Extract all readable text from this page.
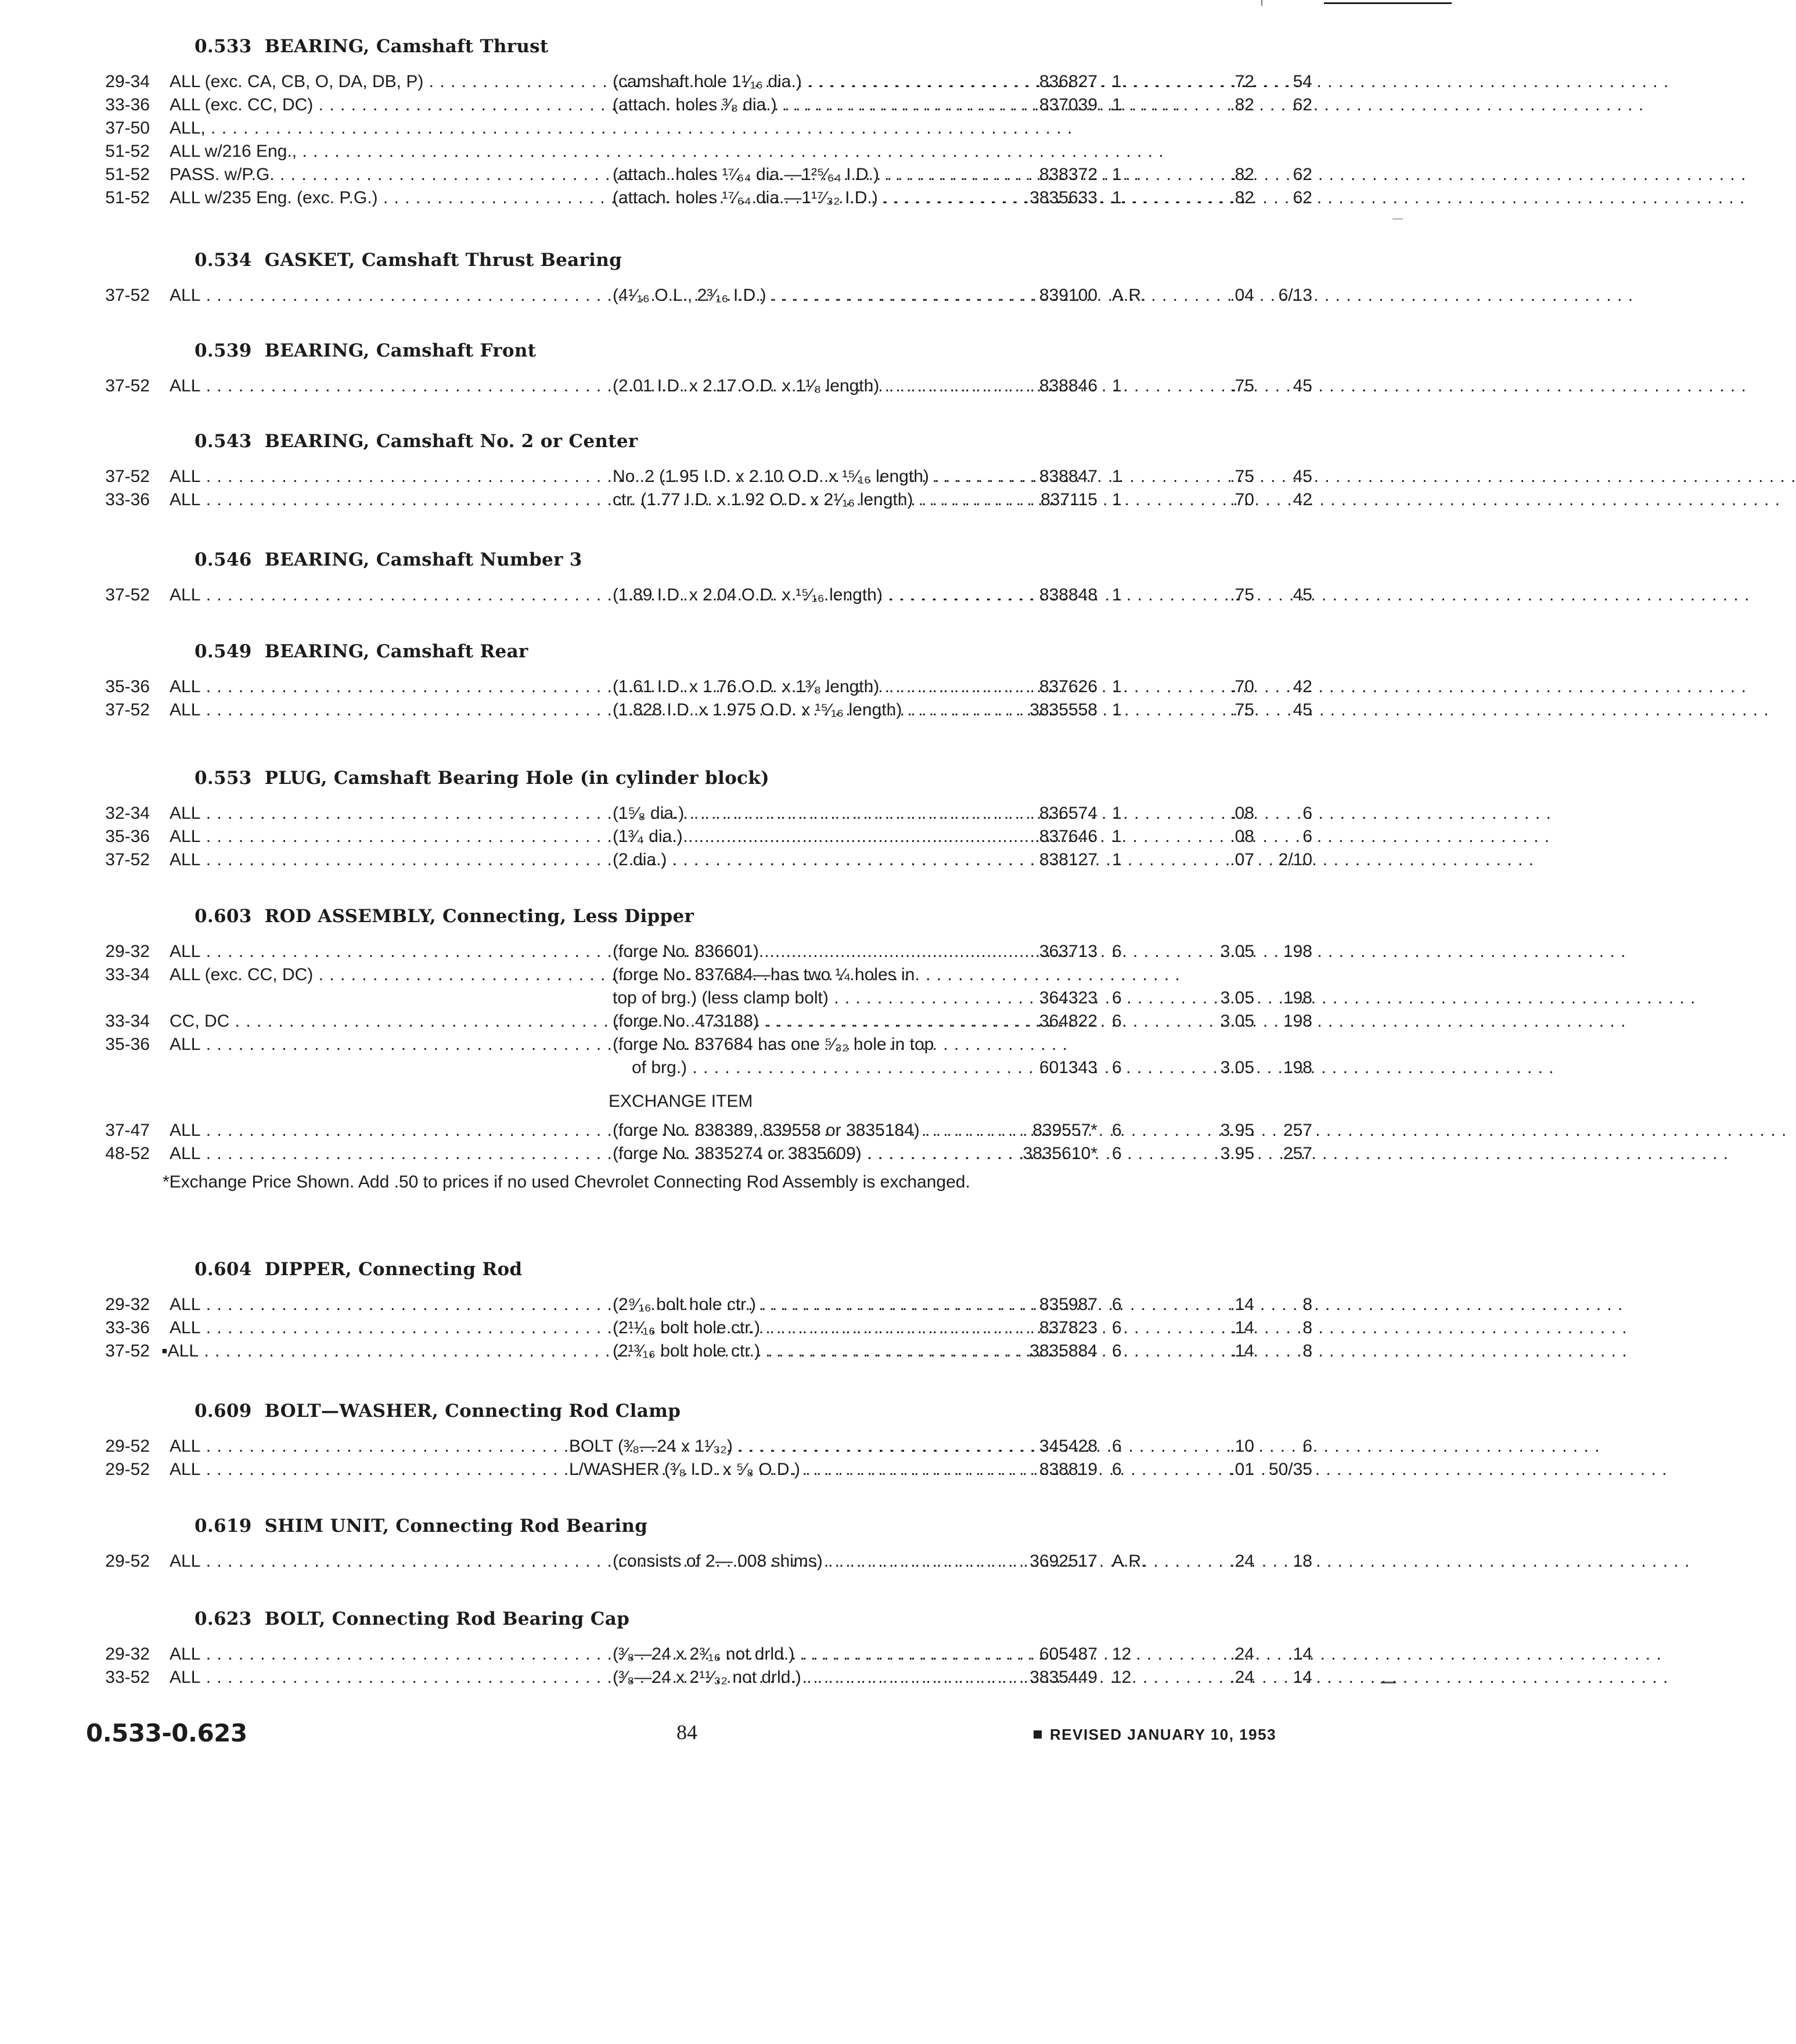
0.533 BEARING, Camshaft Thrust
29-34 ALL (exc. CA, CB, O, DA, DB, P) . . .	(camshaft hole 1¹⁄₁₆ dia.) . . .	836827 1	.72	54
33-36 ALL (exc. CC, DC) . . .	(attach. holes ³⁄₈ dia.) . . .	837039 1	.82	62
37-50 ALL, . . .
51-52 ALL w/216 Eng., . . .
51-52 PASS. w/P.G. . . .	(attach. holes ¹⁷⁄₆₄ dia.—1²⁵⁄₆₄ I.D.) . . .	838372 1	.82	62
51-52 ALL w/235 Eng. (exc. P.G.) . . .	(attach. holes ¹⁷⁄₆₄ dia.—1¹⁷⁄₃₂ I.D.) . . .	3835633 1	.82	62
0.534 GASKET, Camshaft Thrust Bearing
37-52 ALL . . .	(4¹⁄₁₆ O.L., 2³⁄₁₆ I.D.) . . .	839100 A.R.	.04	6/13
0.539 BEARING, Camshaft Front
37-52 ALL . . .	(2.01 I.D. x 2.17 O.D. x 1¹⁄₈ length) . . .	838846 1	.75	45
0.543 BEARING, Camshaft No. 2 or Center
37-52 ALL . . .	No. 2 (1.95 I.D. x 2.10 O.D. x ¹⁵⁄₁₆ length) . . .	838847 1	.75	45
33-36 ALL . . .	ctr. (1.77 I.D. x 1.92 O.D. x 2¹⁄₁₆ length) . . .	837115 1	.70	42
0.546 BEARING, Camshaft Number 3
37-52 ALL . . .	(1.89 I.D. x 2.04 O.D. x ¹⁵⁄₁₆ length) . . .	838848 1	.75	45
0.549 BEARING, Camshaft Rear
35-36 ALL . . .	(1.61 I.D. x 1.76 O.D. x 1³⁄₈ length) . . .	837626 1	.70	42
37-52 ALL . . .	(1.828 I.D. x 1.975 O.D. x ¹⁵⁄₁₆ length) . . .	3835558 1	.75	45
0.553 PLUG, Camshaft Bearing Hole (in cylinder block)
32-34 ALL . . .	(1⁵⁄₈ dia.) . . .	836574 1	.08	6
35-36 ALL . . .	(1³⁄₄ dia.) . . .	837646 1	.08	6
37-52 ALL . . .	(2 dia.) . . .	838127 1	.07	2/10
0.603 ROD ASSEMBLY, Connecting, Less Dipper
29-32 ALL . . .	(forge No. 836601) . . .	363713 6	3.05	198
33-34 ALL (exc. CC, DC) . . .	(forge No. 837684—has two ¼ holes in
top of brg.) (less clamp bolt) . . .	364323 6	3.05	198
33-34 CC, DC . . .	(forge No. 473188) . . .	364822 6	3.05	198
35-36 ALL . . .	(forge No. 837684 has one ⁵⁄₃₂ hole in top
of brg.) . . .	601343 6	3.05	198
EXCHANGE ITEM
37-47 ALL . . .	(forge No. 838389, 839558 or 3835184) . . .	839557* 6	3.95	257
48-52 ALL . . .	(forge No. 3835274 or 3835609) . . .	3835610* 6	3.95	257
*Exchange Price Shown. Add .50 to prices if no used Chevrolet Connecting Rod Assembly is exchanged.
0.604 DIPPER, Connecting Rod
29-32 ALL . . .	(2⁹⁄₁₆ bolt hole ctr.) . . .	835987 6	.14	8
33-36 ALL . . .	(2¹¹⁄₁₆ bolt hole ctr.) . . .	837823 6	.14	8
37-52 ▪ALL . . .	(2¹³⁄₁₆ bolt hole ctr.) . . .	3835884 6	.14	8
0.609 BOLT—WASHER, Connecting Rod Clamp
29-52 ALL . . .	BOLT (³⁄₈—24 x 1¹⁄₃₂) . . .	345428 6	.10	6
29-52 ALL . . .	L/WASHER (³⁄₈ I.D. x ⁵⁄₈ O.D.) . . .	838819 6	.01 50/35
0.619 SHIM UNIT, Connecting Rod Bearing
29-52 ALL . . .	(consists of 2—.008 shims) . . .	3692517 A.R.	.24	18
0.623 BOLT, Connecting Rod Bearing Cap
29-32 ALL . . .	(³⁄₈—24 x 2³⁄₁₆ not drld.) . . .	605487 12	.24	14
33-52 ALL . . .	(³⁄₈—24 x 2¹¹⁄₃₂ not drld.) . . .	3835449 12	.24	14
0.533-0.623	84	REVISED JANUARY 10, 1953
